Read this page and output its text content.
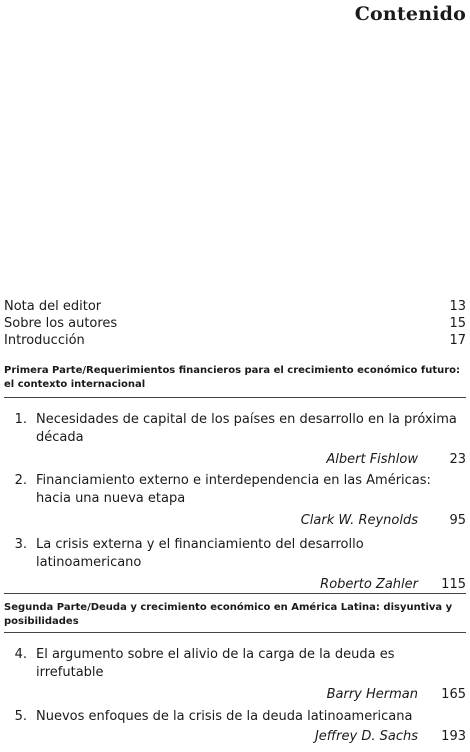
Contenido
Nota del editor	13
Sobre los autores	15
Introducción	17
Primera Parte/Requerimientos financieros para el crecimiento económico futuro: el contexto internacional
1. Necesidades de capital de los países en desarrollo en la próxima década
Albert Fishlow	23
2. Financiamiento externo e interdependencia en las Américas: hacia una nueva etapa
Clark W. Reynolds	95
3. La crisis externa y el financiamiento del desarrollo latinoamericano
Roberto Zahler	115
Segunda Parte/Deuda y crecimiento económico en América Latina: disyuntiva y posibilidades
4. El argumento sobre el alivio de la carga de la deuda es irrefutable
Barry Herman	165
5. Nuevos enfoques de la crisis de la deuda latinoamericana
Jeffrey D. Sachs	193
